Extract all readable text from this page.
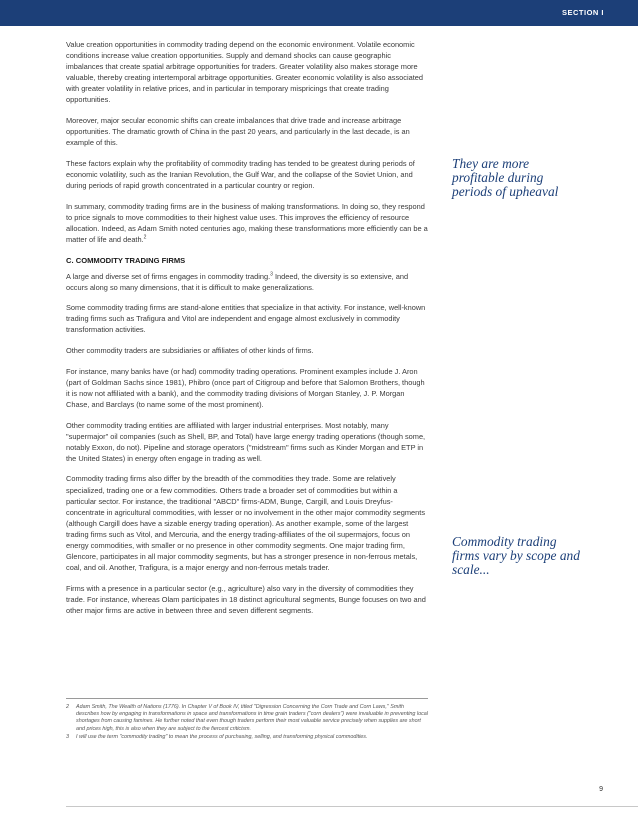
SECTION I

Value creation opportunities in commodity trading depend on the economic environment. Volatile economic conditions increase value creation opportunities. Supply and demand shocks can cause geographic imbalances that create spatial arbitrage opportunities for traders. Greater volatility also makes storage more valuable, thereby creating intertemporal arbitrage opportunities. Greater economic volatility is also associated with greater volatility in relative prices, and in particular in temporary mispricings that create trading opportunities.

Moreover, major secular economic shifts can create imbalances that drive trade and increase arbitrage opportunities. The dramatic growth of China in the past 20 years, and particularly in the last decade, is an example of this.

These factors explain why the profitability of commodity trading has tended to be greatest during periods of economic volatility, such as the Iranian Revolution, the Gulf War, and the collapse of the Soviet Union, and during periods of rapid growth concentrated in a particular country or region.

In summary, commodity trading firms are in the business of making transformations. In doing so, they respond to price signals to move commodities to their highest value uses. This improves the efficiency of resource allocation. Indeed, as Adam Smith noted centuries ago, making these transformations more efficiently can be a matter of life and death.$^2$

C. COMMODITY TRADING FIRMS

A large and diverse set of firms engages in commodity trading.$^3$ Indeed, the diversity is so extensive, and occurs along so many dimensions, that it is difficult to make generalizations.

Some commodity trading firms are stand-alone entities that specialize in that activity. For instance, well-known trading firms such as Trafigura and Vitol are independent and engage almost exclusively in commodity transformation activities.

Other commodity traders are subsidiaries or affiliates of other kinds of firms.

For instance, many banks have (or had) commodity trading operations. Prominent examples include J. Aron (part of Goldman Sachs since 1981), Phibro (once part of Citigroup and before that Salomon Brothers, though it is now not affiliated with a bank), and the commodity trading divisions of Morgan Stanley, J. P. Morgan Chase, and Barclays (to name some of the most prominent).

Other commodity trading entities are affiliated with larger industrial enterprises. Most notably, many "supermajor" oil companies (such as Shell, BP, and Total) have large energy trading operations (though some, notably Exxon, do not). Pipeline and storage operators ("midstream" firms such as Kinder Morgan and ETP in the United States) in energy often engage in trading as well.

Commodity trading firms also differ by the breadth of the commodities they trade. Some are relatively specialized, trading one or a few commodities. Others trade a broader set of commodities but within a particular sector. For instance, the traditional "ABCD" firms-ADM, Bunge, Cargill, and Louis Dreyfus-concentrate in agricultural commodities, with lesser or no involvement in the other major commodity segments (although Cargill does have a sizable energy trading operation). As another example, some of the largest trading firms such as Vitol, and Mercuria, and the energy trading-affiliates of the oil supermajors, focus on energy commodities, with smaller or no presence in other commodity segments. One major trading firm, Glencore, participates in all major commodity segments, but has a stronger presence in non-ferrous metals, coal, and oil. Another, Trafigura, is a major energy and non-ferrous metals trader.

Firms with a presence in a particular sector (e.g., agriculture) also vary in the diversity of commodities they trade. For instance, whereas Olam participates in 18 distinct agricultural segments, Bunge focuses on two and other major firms are active in between three and seven different segments.

They are more profitable during periods of upheaval
Commodity trading firms vary by scope and scale...
2 Adam Smith, The Wealth of Nations (1776). In Chapter V of Book IV, titled "Digression Concerning the Corn Trade and Corn Laws," Smith describes how by engaging in transformations in space and transformations in time grain traders ("corn dealers") were invaluable in preventing local shortages from causing famines. He further noted that even though traders perform their most valuable service precisely when supplies are short and prices high, this is also when they are subject to the fiercest criticism.
3 I will use the term "commodity trading" to mean the process of purchasing, selling, and transforming physical commodities.
9
